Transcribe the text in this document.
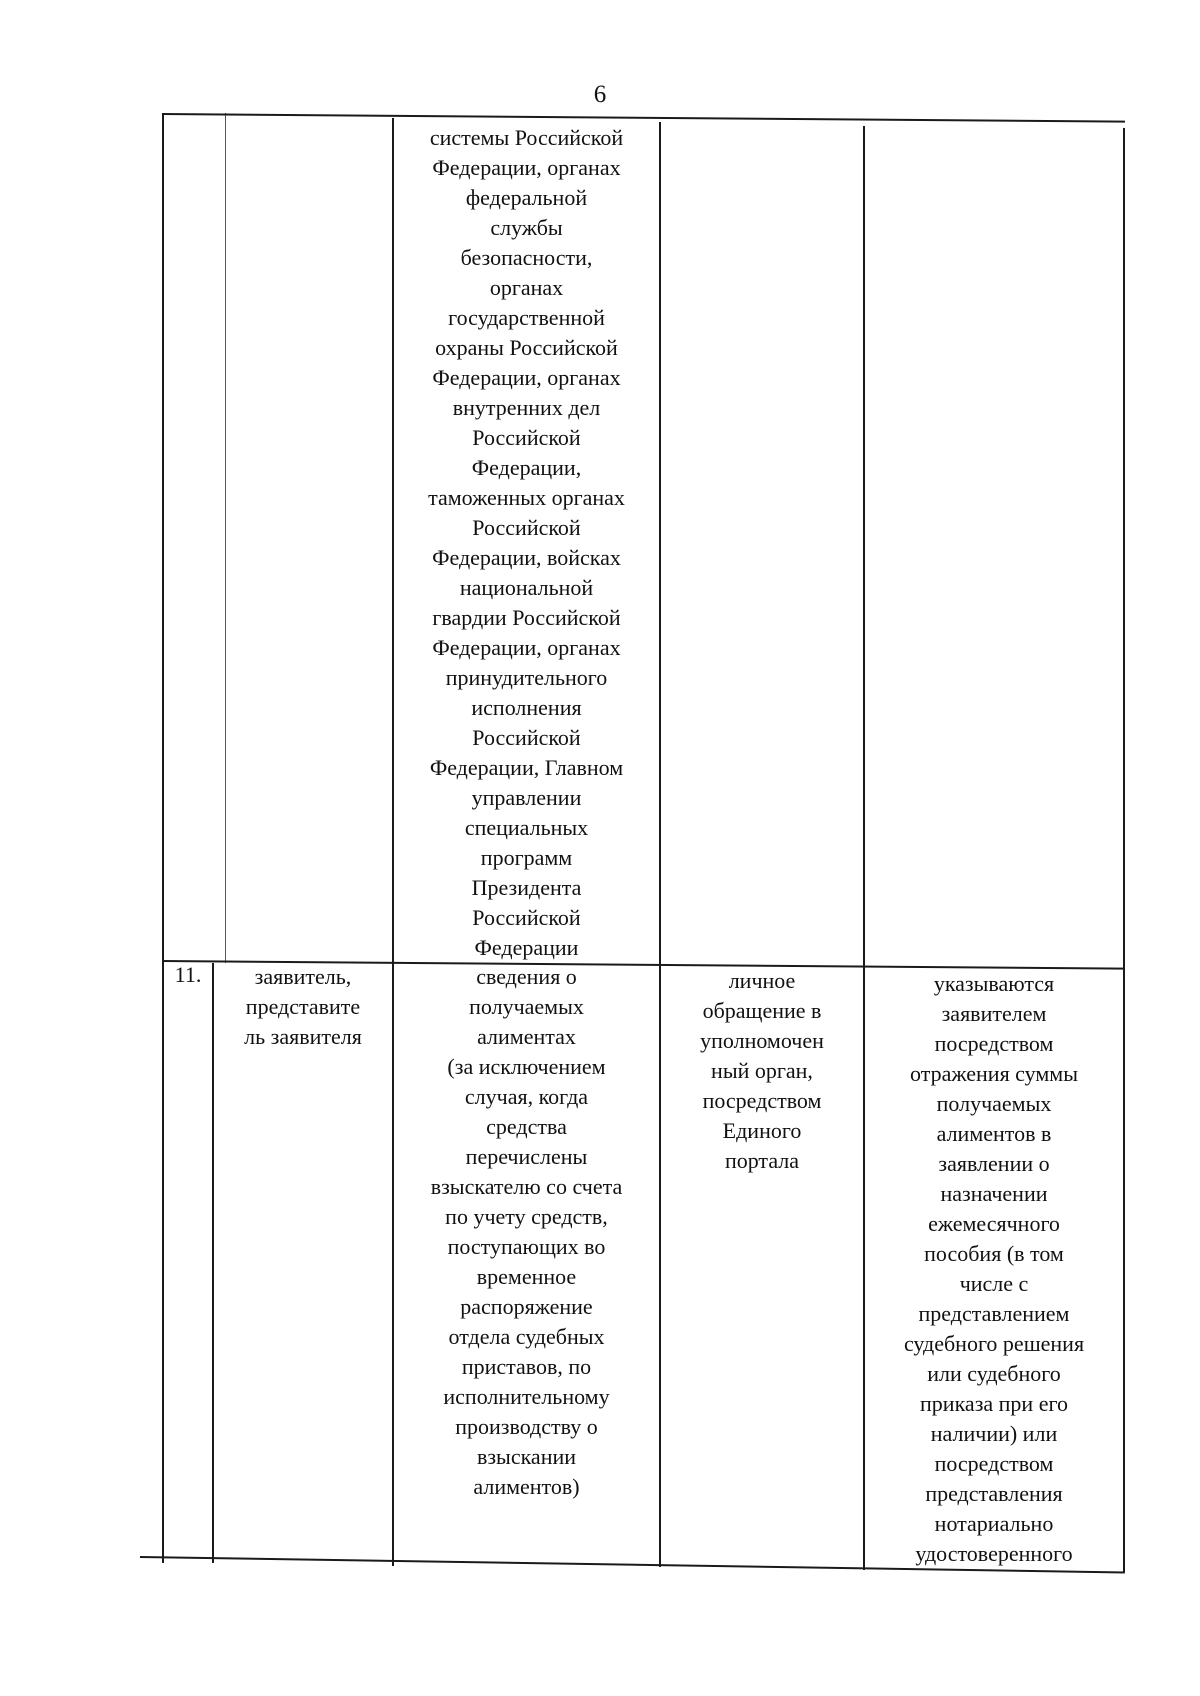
6
системы Российской
Федерации, органах
федеральной
службы
безопасности,
органах
государственной
охраны Российской
Федерации, органах
внутренних дел
Российской
Федерации,
таможенных органах
Российской
Федерации, войсках
национальной
гвардии Российской
Федерации, органах
принудительного
исполнения
Российской
Федерации, Главном
управлении
специальных
программ
Президента
Российской
Федерации
11.	заявитель,
представите
ль заявителя
сведения о
получаемых
алиментах
(за исключением
случая, когда
средства
перечислены
взыскателю со счета
по учету средств,
поступающих во
временное
распоряжение
отдела судебных
приставов, по
исполнительному
производству о
взыскании
алиментов)
личное
обращение в
уполномочен
ный орган,
посредством
Единого
портала
указываются
заявителем
посредством
отражения суммы
получаемых
алиментов в
заявлении о
назначении
ежемесячного
пособия (в том
числе с
представлением
судебного решения
или судебного
приказа при его
наличии) или
посредством
представления
нотариально
удостоверенного
